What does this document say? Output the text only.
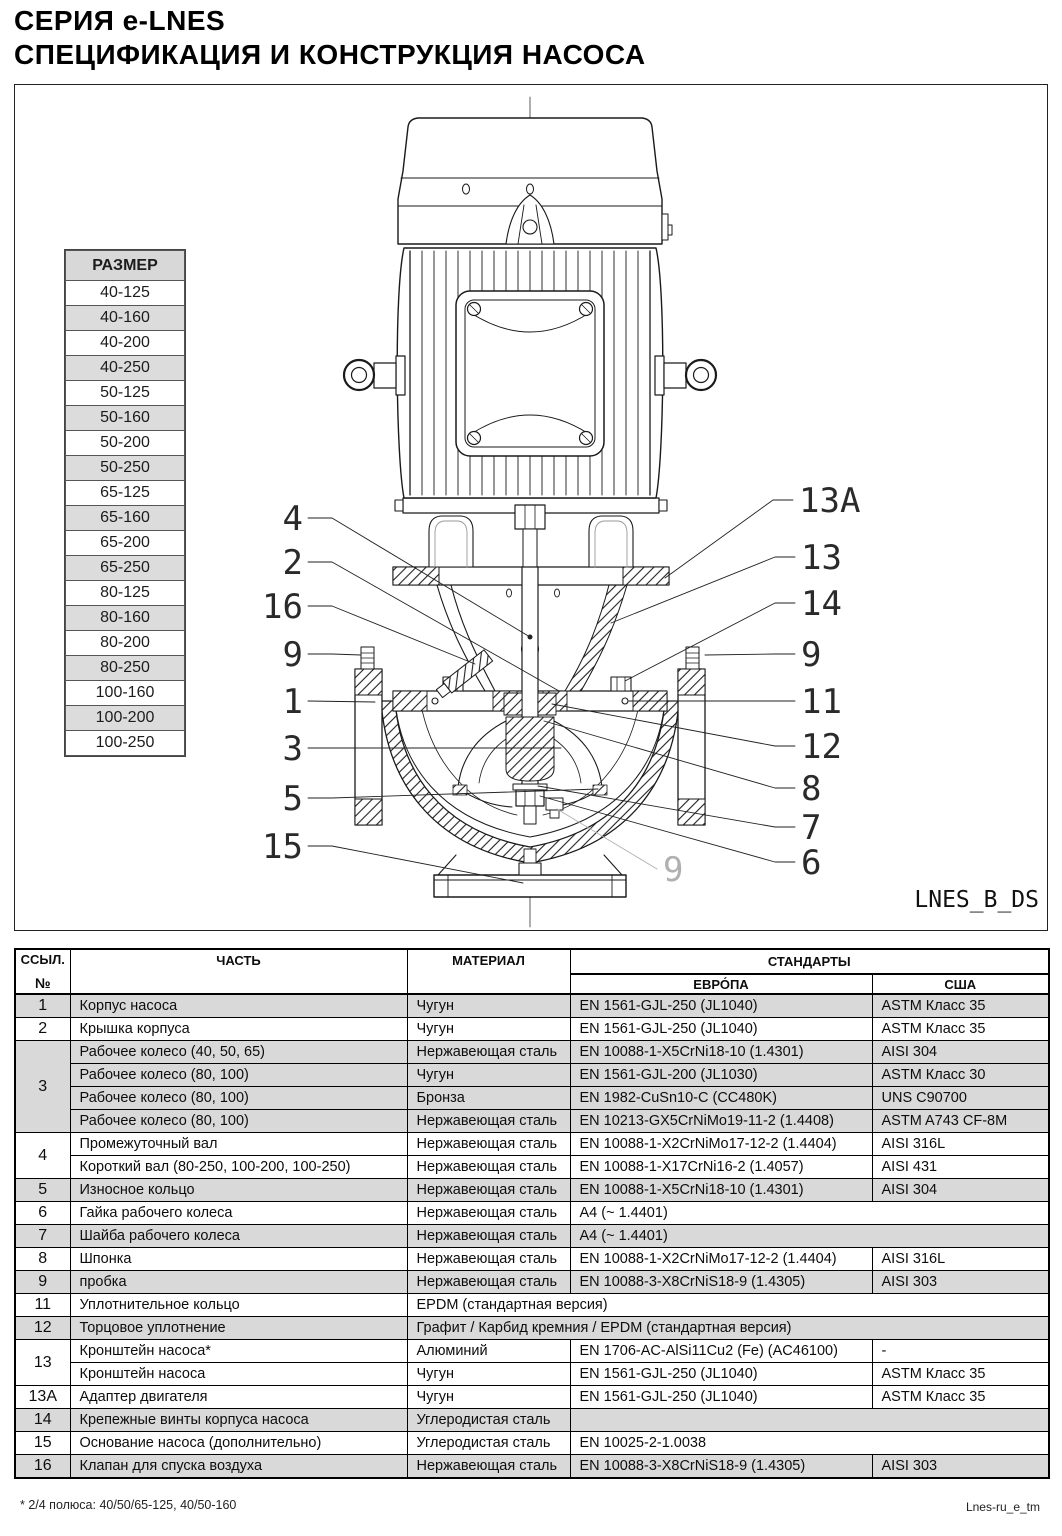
СЕРИЯ e-LNES
СПЕЦИФИКАЦИЯ И КОНСТРУКЦИЯ НАСОСА
4
2
16
9
1
3
5
15
13A
13
14
9
11
12
8
7
6
9
LNES_B_DS
РАЗМЕР
40-125
40-160
40-200
40-250
50-125
50-160
50-200
50-250
65-125
65-160
65-200
65-250
80-125
80-160
80-200
80-250
100-160
100-200
100-250
ССЫЛ.
№	ЧАСТЬ	МАТЕРИАЛ	СТАНДАРТЫ	
			ЕВРО́ПА	США
1	Корпус насоса	Чугун	EN 1561-GJL-250 (JL1040)	ASTM Класс 35
2	Крышка корпуса	Чугун	EN 1561-GJL-250 (JL1040)	ASTM Класс 35
3	Рабочее колесо (40, 50, 65)	Нержавеющая сталь	EN 10088-1-X5CrNi18-10 (1.4301)	AISI 304
	Рабочее колесо (80, 100)	Чугун	EN 1561-GJL-200 (JL1030)	ASTM Класс 30
	Рабочее колесо (80, 100)	Бронза	EN 1982-CuSn10-C (CC480K)	UNS C90700
	Рабочее колесо (80, 100)	Нержавеющая сталь	EN 10213-GX5CrNiMo19-11-2 (1.4408)	ASTM A743 CF-8M
4	Промежуточный вал	Нержавеющая сталь	EN 10088-1-X2CrNiMo17-12-2 (1.4404)	AISI 316L
	Короткий вал (80-250, 100-200, 100-250)	Нержавеющая сталь	EN 10088-1-X17CrNi16-2 (1.4057)	AISI 431
5	Износное кольцо	Нержавеющая сталь	EN 10088-1-X5CrNi18-10 (1.4301)	AISI 304
6	Гайка рабочего колеса	Нержавеющая сталь	A4 (~ 1.4401)	
7	Шайба рабочего колеса	Нержавеющая сталь	A4 (~ 1.4401)	
8	Шпонка	Нержавеющая сталь	EN 10088-1-X2CrNiMo17-12-2 (1.4404)	AISI 316L
9	пробка	Нержавеющая сталь	EN 10088-3-X8CrNiS18-9 (1.4305)	AISI 303
11	Уплотнительное кольцо	EPDM (стандартная версия)		
12	Торцовое уплотнение	Графит / Карбид кремния / EPDM (стандартная версия)		
13	Кронштейн насоса*	Алюминий	EN 1706-AC-AlSi11Cu2 (Fe) (AC46100)	-
	Кронштейн насоса	Чугун	EN 1561-GJL-250 (JL1040)	ASTM Класс 35
13A	Адаптер двигателя	Чугун	EN 1561-GJL-250 (JL1040)	ASTM Класс 35
14	Крепежные винты корпуса насоса	Углеродистая сталь		
15	Основание насоса (дополнительно)	Углеродистая сталь	EN 10025-2-1.0038	
16	Клапан для спуска воздуха	Нержавеющая сталь	EN 10088-3-X8CrNiS18-9 (1.4305)	AISI 303
* 2/4 полюса: 40/50/65-125, 40/50-160	Lnes-ru_e_tm
